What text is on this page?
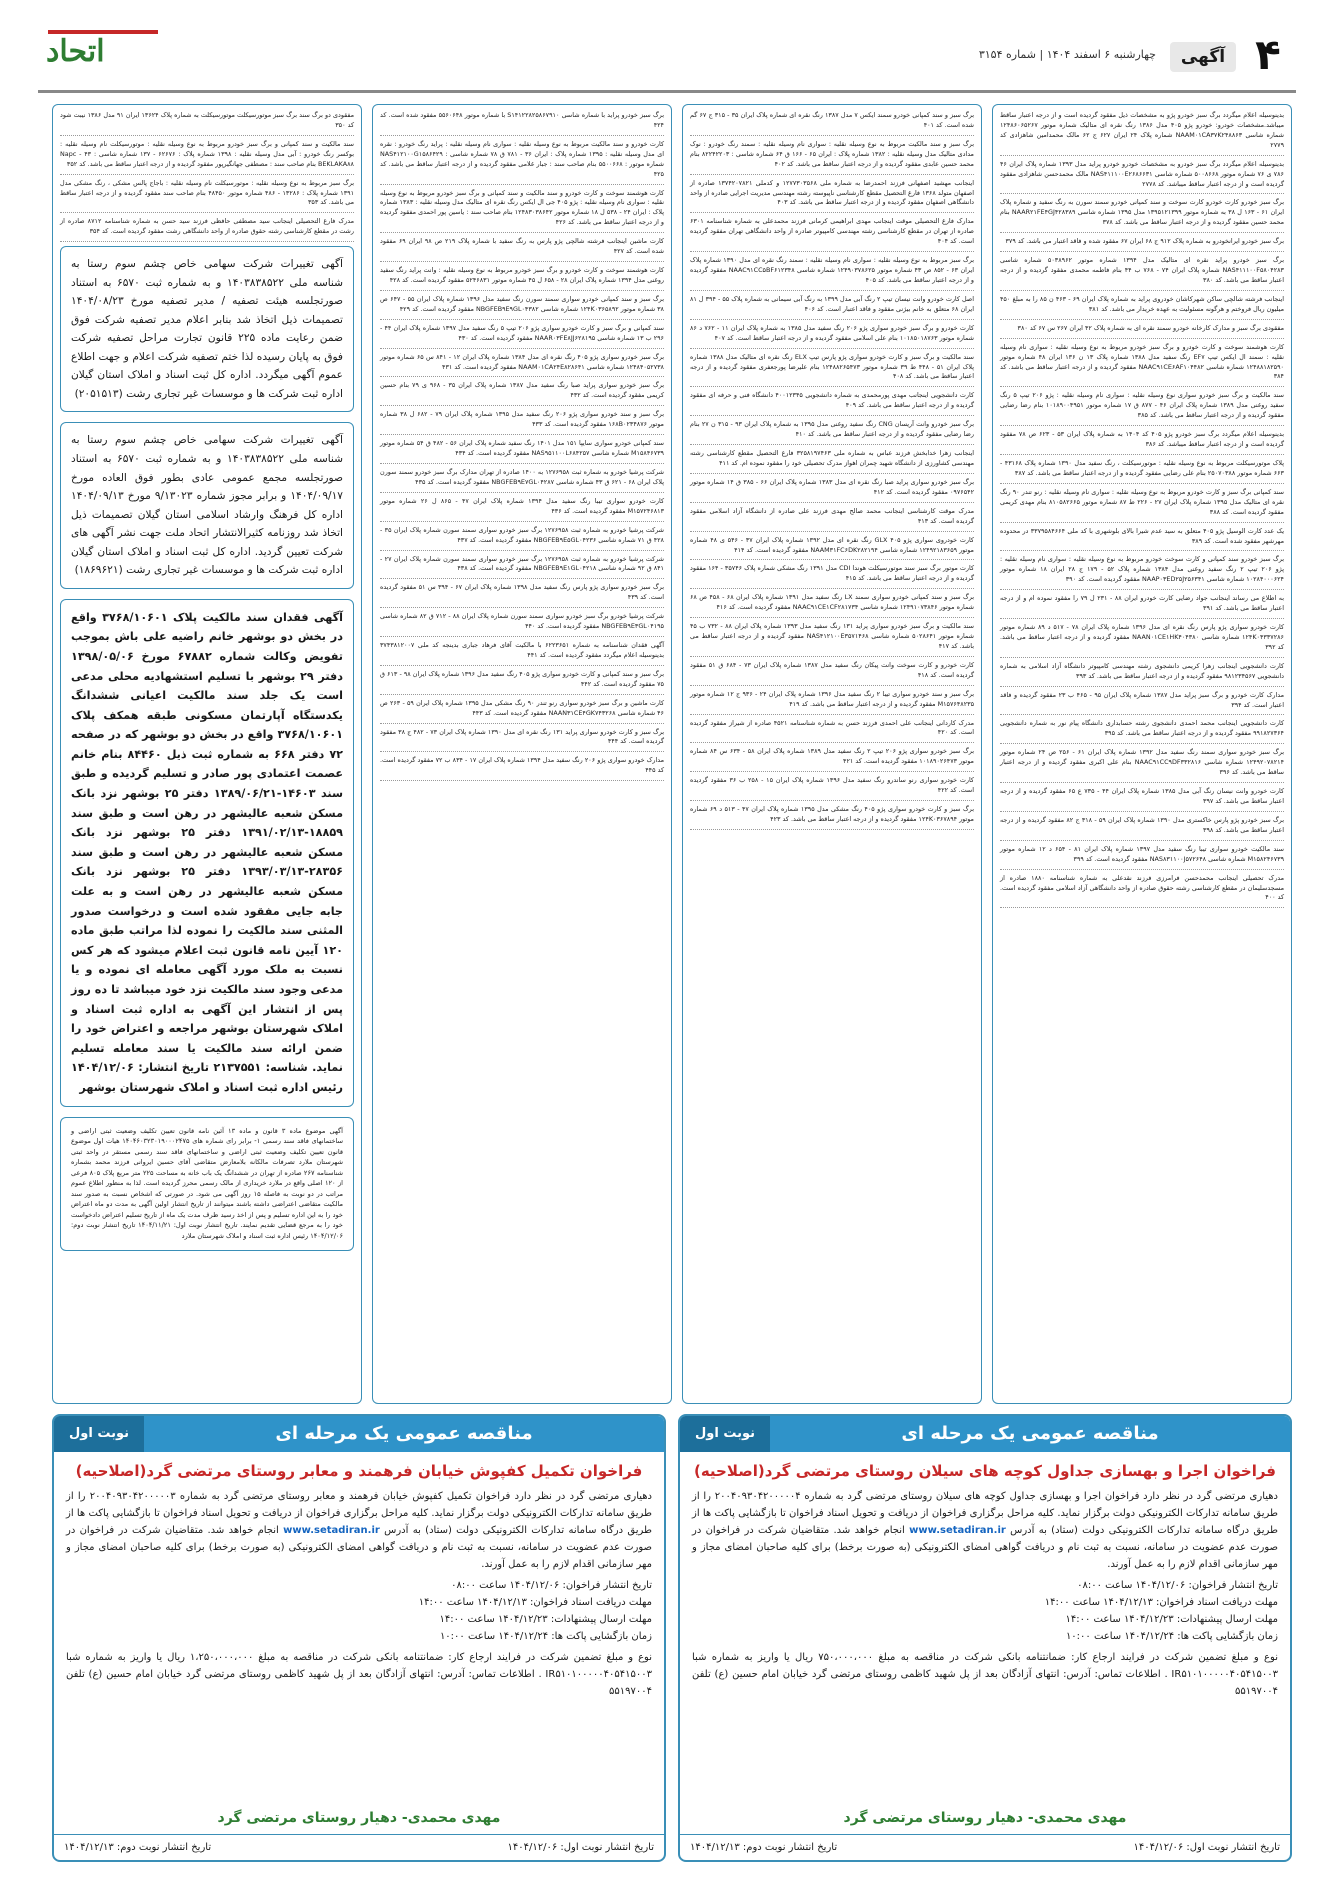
۴
آگهی
چهارشنبه ۶ اسفند ۱۴۰۴ | شماره ۳۱۵۴
اتحاد
بدینوسیله اعلام میگردد برگ سبز خودرو پژو به مشخصات ذیل مفقود گردیده است و از درجه اعتبار ساقط میباشد.مشخصات خودرو: خودرو پژو ۴۰۵ مدل ۱۳۸۶ رنگ نقره ای متالیک شماره موتور ۱۲۴۸۶۰۶۵۲۶۷ شماره شاسی NAAM۰۱CA۳۷K۲۴۸۸۶۳ شماره پلاک ۲۴ ایران ۶۲۷ ج ۶۲ مالک محمدامین شاهزادی کد ۲۷۷۹
بدینوسیله اعلام میگردد برگ سبز خودرو به مشخصات خودرو خودرو پراید مدل ۱۳۹۳ شماره پلاک ایران ۴۶ ۷۸۶ ی ۷۶ شماره موتور ۵۰۰۸۶۶۸ شماره شاسی NAS۴۱۱۱۰۰E۲۶۸۶۶۳۱ مالک محمدحسن شاهزادی مفقود گردیده است و از درجه اعتبار ساقط میباشد. کد ۲۷۷۸
برگ سبز خودرو کارت خودرو کارت سوخت و سند کمپانی خودرو سمند سورن به رنگ سفید و شماره پلاک ایران ۶۱ - ۱۶۳ ل ۳۸ به شماره موتور ۱۳۹۵۱۲۱۳۹۹ مدل ۱۳۹۵ شماره شاسی NAAR۲۱FE۴GJ۴۲۸۳۸۹ بنام محمد حسین مفقود گردیده و از درجه اعتبار ساقط می باشد. کد ۳۷۸
برگ سبز خودرو ایرانخودرو به شماره پلاک ۹۱۲ ج ۶۸ ایران ۶۷ مفقود شده و فاقد اعتبار می باشد. کد ۳۷۹
برگ سبز خودرو پراید نقره ای متالیک مدل ۱۳۹۴ شماره موتور ۵۰۳۸۹۶۲ شماره شاسی NAS۴۱۱۱۰۰F۵۸۰۴۲۸۳ شماره پلاک ایران ۷۴ - ۷۶۸ ب ۴۴ بنام فاطمه محمدی مفقود گردیده و از درجه اعتبار ساقط می باشد. کد ۳۸۰
اینجانب فرشته شالچی ساکن شهرکاشان خودروی پراید به شماره پلاک ایران ۶۹ - ۴۶۳ ن ۸۵ را به مبلغ ۴۵۰ میلیون ریال فروختم و هرگونه مسئولیت به عهده خریدار می باشد. کد ۳۸۱
مفقودی برگ سبز و مدارک کارخانه خودرو سمند نقره ای به شماره پلاک ۴۲ ایران ۲۶۷ س ۶۷ کد ۳۸۰
کارت هوشمند سوخت و کارت خودرو و برگ سبز خودرو مربوط به نوع وسیله نقلیه : سواری نام وسیله نقلیه : سمند ال ایکس تیپ EF۷ رنگ سفید مدل ۱۳۸۸ شماره پلاک ۱۳ ن ۱۳۶ ایران ۴۸ شماره موتور ۱۲۴۸۸۱۸۲۵۹۰ شماره شاسی NAAC۹۱CE۶AF۱۰۴۴۸۲ مفقود گردیده و از درجه اعتبار ساقط می باشد. کد ۳۸۴
سند مالکیت و برگ سبز خودرو سواری نوع وسیله نقلیه : سواری نام وسیله نقلیه : پژو ۲۰۶ تیپ ۵ رنگ سفید روغنی مدل ۱۳۸۹ شماره پلاک ایران ۴۶ - ۸۷۷ ق ۱۷ شماره موتور ۱۰۱۸۹۰۰۴۹۵۱ بنام رضا رضایی مفقود گردیده و از درجه اعتبار ساقط می باشد. کد ۳۸۵
بدینوسیله اعلام میگردد برگ سبز خودرو پژو ۴۰۵ کد ۱۴۰۴ به شماره پلاک ایران ۵۳ - ۶۲۳ ص ۷۸ مفقود گردیده است و از درجه اعتبار ساقط میباشد. کد ۳۸۶
پلاک موتورسیکلت مربوط به نوع وسیله نقلیه : موتورسیکلت ، رنگ سفید مدل ۱۳۹۰ شماره پلاک ۴۳۱۶۸ - ۶۶۳ شماره موتور ۲۵۰۷۰۳۸۸ بنام علی رضایی مفقود گردیده و از درجه اعتبار ساقط می باشد. کد ۳۸۷
سند کمپانی برگ سبز و کارت خودرو مربوط به نوع وسیله نقلیه : سواری نام وسیله نقلیه : رنو تندر ۹۰ رنگ نقره ای متالیک مدل ۱۳۹۵ شماره پلاک ایران ۲۷ - ۲۲۶ ط ۸۷ شماره موتور ۸۱۰۵۸۲۶۶۵ بنام مهدی کریمی مفقود گردیده است. کد ۳۸۸
یک عدد کارت الوسیل پژو ۴۰۵ متعلق به سید عدم شیرا بالای بلوشهری با کد ملی ۳۳۷۹۵۸۴۶۶۴ در محدوده مهرشهر مفقود شده است. کد ۳۸۹
برگ سبز خودرو سند کمپانی و کارت سوخت خودرو مربوط به نوع وسیله نقلیه : سواری نام وسیله نقلیه : پژو ۲۰۶ تیپ ۲ رنگ سفید روغنی مدل ۱۳۸۴ شماره پلاک ۵۲ - ۱۷۹ ج ۲۸ ایران ۱۸ شماره موتور ۱۰۲۸۴۰۰۰۶۲۴ شماره شاسی NAAP۰۳ED۲۵J۲۵۶۳۴۱ مفقود گردیده است. کد ۳۹۰
به اطلاع می رساند اینجانب جواد رضایی کارت خودرو ایران ۸۸ - ۲۳۱ ل ۷۹ را مفقود نموده ام و از درجه اعتبار ساقط می باشد. کد ۳۹۱
کارت خودرو سواری پژو پارس رنگ نقره ای مدل ۱۳۹۶ شماره پلاک ایران ۷۸ - ۵۱۷ د ۸۹ شماره موتور ۱۲۴K۰۴۳۳۷۲۸۶ شماره شاسی NAAN۰۱CE۱HK۴۰۴۳۸۰ مفقود گردیده و از درجه اعتبار ساقط می باشد. کد ۳۹۲
کارت دانشجویی اینجانب زهرا کریمی دانشجوی رشته مهندسی کامپیوتر دانشگاه آزاد اسلامی به شماره دانشجویی ۹۸۱۲۳۴۵۶۷ مفقود گردیده و از درجه اعتبار ساقط می باشد. کد ۳۹۳
مدارک کارت خودرو و برگ سبز پراید مدل ۱۳۸۷ شماره پلاک ایران ۹۵ - ۴۶۵ ب ۲۳ مفقود گردیده و فاقد اعتبار است. کد ۳۹۴
کارت دانشجویی اینجانب محمد احمدی دانشجوی رشته حسابداری دانشگاه پیام نور به شماره دانشجویی ۹۹۱۸۲۷۳۶۴ مفقود گردیده و از درجه اعتبار ساقط می باشد. کد ۳۹۵
برگ سبز خودرو سواری سمند رنگ سفید مدل ۱۳۹۲ شماره پلاک ایران ۶۱ - ۲۵۶ ص ۲۴ شماره موتور ۱۲۴۹۲۰۷۸۲۱۴ شماره شاسی NAAC۹۱CC۹DF۳۳۲۸۱۶ بنام علی اکبری مفقود گردیده و از درجه اعتبار ساقط می باشد. کد ۳۹۶
کارت خودرو وانت نیسان رنگ آبی مدل ۱۳۸۵ شماره پلاک ایران ۴۴ - ۷۳۵ ع ۶۵ مفقود گردیده و از درجه اعتبار ساقط می باشد. کد ۳۹۷
برگ سبز خودرو پژو پارس خاکستری مدل ۱۳۹۰ شماره پلاک ایران ۵۹ - ۳۱۸ ج ۸۲ مفقود گردیده و از درجه اعتبار ساقط می باشد. کد ۳۹۸
سند مالکیت خودرو سواری تیبا رنگ سفید مدل ۱۳۹۷ شماره پلاک ایران ۸۱ - ۶۵۴ د ۱۲ شماره موتور M۱۵۸۲۴۶۷۳۹ شماره شاسی NAS۸۳۱۱۰۰J۵۷۲۶۴۸ مفقود گردیده است. کد ۳۹۹
مدرک تحصیلی اینجانب محمدحسن فرامرزی فرزند نقدعلی به شماره شناسنامه ۱۸۸۰ صادره از مسجدسلیمان در مقطع کارشناسی رشته حقوق صادره از واحد دانشگاهی آزاد اسلامی مفقود گردیده است. کد ۴۰۰
برگ سبز و سند کمپانی خودرو سمند ایکس ۷ مدل ۱۳۸۷ رنگ نقره ای شماره پلاک ایران ۳۵ - ۳۱۵ ج ۶۷ گم شده است. کد ۴۰۱
برگ سبز و سند مالکیت مربوط به نوع وسیله نقلیه : سواری نام وسیله نقلیه : سمند رنگ خودرو : نوک مدادی متالیک مدل وسیله نقلیه : ۱۳۸۲ شماره پلاک : ایران ۶۵ - ۱۶۶ ق ۶۴ شماره شاسی : ۸۲۲۴۲۲۰۳ بنام محمد حسین عابدی مفقود گردیده و از درجه اعتبار ساقط می باشد. کد ۴۰۲
اینجانب مهشید اصفهانی فرزند احمدرضا به شماره ملی ۱۲۷۷۳۰۳۵۶۸ و کدملی ۱۳۷۴۲۰۷۸۲۱ صادره از اصفهان متولد ۱۳۶۸ فارغ التحصیل مقطع کارشناسی ناپیوسته رشته مهندسی مدیریت اجرایی صادره از واحد دانشگاهی اصفهان مفقود گردیده و از درجه اعتبار ساقط می باشد. کد ۴۰۳
مدارک فارغ التحصیلی موقت اینجانب مهدی ابراهیمی کرمانی فرزند محمدعلی به شماره شناسنامه ۶۳۰۱ صادره از تهران در مقطع کارشناسی رشته مهندسی کامپیوتر صادره از واحد دانشگاهی تهران مفقود گردیده است. کد ۴۰۴
برگ سبز مربوط به نوع وسیله نقلیه : سواری نام وسیله نقلیه : سمند رنگ نقره ای مدل ۱۳۹۰ شماره پلاک ایران ۶۳ - ۸۵۲ ص ۴۳ شماره موتور ۱۲۴۹۰۳۷۸۶۲۵ شماره شاسی NAAC۹۱CC۵BF۶۱۲۳۴۸ مفقود گردیده و از درجه اعتبار ساقط می باشد. کد ۴۰۵
اصل کارت خودرو وانت نیسان تیپ ۲ رنگ آبی مدل ۱۳۹۹ به رنگ آبی سیمانی به شماره پلاک ۵۵ - ۳۹۴ ل ۸۱ ایران ۶۸ متعلق به خانم بیژنی مفقود و فاقد اعتبار است. کد ۴۰۶
کارت خودرو و برگ سبز خودرو سواری پژو ۲۰۶ رنگ سفید مدل ۱۳۸۵ به شماره پلاک ایران ۱۱ - ۷۶۲ د ۸۶ شماره موتور ۱۰۱۸۵۰۱۸۷۶۳ بنام علی اسلامی مفقود گردیده و از درجه اعتبار ساقط است. کد ۴۰۷
سند مالکیت و برگ سبز و کارت خودرو سواری پژو پارس تیپ ELX رنگ نقره ای متالیک مدل ۱۳۸۸ شماره پلاک ایران ۵۱ - ۴۴۸ ط ۳۹ شماره موتور ۱۲۴۸۸۲۶۵۴۷۳ بنام علیرضا پورجعفری مفقود گردیده و از درجه اعتبار ساقط می باشد. کد ۴۰۸
کارت دانشجویی اینجانب مهدی پورمحمدی به شماره دانشجویی ۴۰۰۱۲۳۴۵ دانشگاه فنی و حرفه ای مفقود گردیده و از درجه اعتبار ساقط می باشد. کد ۴۰۹
برگ سبز خودرو وانت آریسان CNG رنگ سفید روغنی مدل ۱۳۹۵ به شماره پلاک ایران ۹۳ - ۳۱۵ ن ۲۷ بنام رضا رضایی مفقود گردیده و از درجه اعتبار ساقط می باشد. کد ۴۱۰
اینجانب زهرا خدابخش فرزند عباس به شماره ملی ۳۲۵۸۱۹۷۴۶۳ فارغ التحصیل مقطع کارشناسی رشته مهندسی کشاورزی از دانشگاه شهید چمران اهواز مدرک تحصیلی خود را مفقود نموده ام. کد ۴۱۱
برگ سبز خودرو سواری پراید صبا رنگ نقره ای مدل ۱۳۸۳ شماره پلاک ایران ۶۶ - ۳۸۵ ق ۱۴ شماره موتور ۰۹۷۶۵۴۲ مفقود گردیده است. کد ۴۱۲
مدرک موقت کارشناسی اینجانب محمد صالح مهدی فرزند علی صادره از دانشگاه آزاد اسلامی مفقود گردیده است. کد ۴۱۳
کارت خودروی سواری پژو ۴۰۵ GLX رنگ نقره ای مدل ۱۳۹۲ شماره پلاک ایران ۳۷ - ۵۴۶ ی ۴۸ شماره موتور ۱۲۴۹۲۱۸۳۶۵۹ شماره شاسی NAAM۳۱FC۶DK۲۸۲۱۹۴ مفقود گردیده است. کد ۴۱۴
کارت موتور برگ سبز سند موتورسیکلت هوندا CDI مدل ۱۳۹۱ رنگ مشکی شماره پلاک ۳۵۷۴۶ - ۱۶۴ مفقود گردیده و از درجه اعتبار ساقط می باشد. کد ۴۱۵
برگ سبز و سند کمپانی خودرو سواری سمند LX رنگ سفید مدل ۱۳۹۱ شماره پلاک ایران ۶۸ - ۴۵۸ ص ۶۸ شماره موتور ۱۲۴۹۱۰۷۳۸۴۶ شماره شاسی NAAC۹۱CE۱CF۲۸۱۷۳۴ مفقود گردیده است. کد ۴۱۶
سند مالکیت و برگ سبز خودرو سواری پراید ۱۳۱ رنگ سفید مدل ۱۳۹۳ شماره پلاک ایران ۸۸ - ۷۳۲ ب ۴۵ شماره موتور ۵۰۲۸۶۴۱ شماره شاسی NAS۴۱۲۱۰۰E۳۵۷۱۴۶۸ مفقود گردیده و از درجه اعتبار ساقط می باشد. کد ۴۱۷
کارت خودرو و کارت سوخت وانت پیکان رنگ سفید مدل ۱۳۸۷ شماره پلاک ایران ۷۳ - ۶۸۴ ق ۵۱ مفقود گردیده است. کد ۴۱۸
برگ سبز و سند خودرو سواری تیبا ۲ رنگ سفید مدل ۱۳۹۶ شماره پلاک ایران ۲۴ - ۹۳۶ ج ۱۲ شماره موتور M۱۵۷۶۴۸۲۳۵ مفقود گردیده و از درجه اعتبار ساقط می باشد. کد ۴۱۹
مدرک کاردانی اینجانب علی احمدی فرزند حسن به شماره شناسنامه ۴۵۲۱ صادره از شیراز مفقود گردیده است. کد ۴۲۰
برگ سبز خودرو سواری پژو ۲۰۶ تیپ ۲ رنگ سفید مدل ۱۳۸۹ شماره پلاک ایران ۵۸ - ۶۳۴ س ۸۴ شماره موتور ۱۰۱۸۹۰۲۶۴۷۳ مفقود گردیده است. کد ۴۲۱
کارت خودرو سواری رنو ساندرو رنگ سفید مدل ۱۳۹۶ شماره پلاک ایران ۱۵ - ۲۵۸ ب ۳۶ مفقود گردیده است. کد ۴۲۲
برگ سبز و کارت خودرو سواری پژو ۴۰۵ رنگ مشکی مدل ۱۳۹۵ شماره پلاک ایران ۴۷ - ۵۱۳ د ۶۹ شماره موتور ۱۲۴K۰۳۶۷۸۹۴ مفقود گردیده و از درجه اعتبار ساقط می باشد. کد ۴۲۳
برگ سبز خودرو پراید با شماره شاسی S۱۴۱۲۲۸۲۵۸۶۷۹۱۰ با شماره موتور ۵۵۶۰۶۴۸ مفقود شده است. کد ۴۲۴
کارت خودرو و سند مالکیت مربوط به نوع وسیله نقلیه : سواری نام وسیله نقلیه : پراید رنگ خودرو : نقره ای مدل وسیله نقلیه : ۱۳۹۵ شماره پلاک : ایران ۳۶ - ۷۸۱ ق ۷۸ شماره شاسی : NAS۴۱۲۱۰۰G۱۵۸۶۴۲۹ شماره موتور : ۵۵۰۰۶۶۸ بنام صاحب سند : جبار غلامی مفقود گردیده و از درجه اعتبار ساقط می باشد. کد ۴۲۵
کارت هوشمند سوخت و کارت خودرو و سند مالکیت و سند کمپانی و برگ سبز خودرو مربوط به نوع وسیله نقلیه : سواری نام وسیله نقلیه : پژو ۴۰۵ جی ال ایکس رنگ نقره ای متالیک مدل وسیله نقلیه : ۱۳۸۳ شماره پلاک : ایران ۲۴ - ۵۳۸ ل ۱۸ شماره موتور ۱۲۴۸۳۰۳۸۶۴۲ بنام صاحب سند : یاسین پور احمدی مفقود گردیده و از درجه اعتبار ساقط می باشد. کد ۴۲۶
کارت ماشین اینجانب فرشته شالچی پژو پارس به رنگ سفید با شماره پلاک ۲۱۹ ص ۹۸ ایران ۶۹ مفقود شده است. کد ۴۲۷
کارت هوشمند سوخت و کارت خودرو و برگ سبز خودرو مربوط به نوع وسیله نقلیه : وانت پراید رنگ سفید روغنی مدل ۱۳۹۴ شماره پلاک ایران ۲۸ - ۶۵۸ ل ۴۵ شماره موتور ۵۲۴۶۸۳۱ مفقود گردیده است. کد ۴۲۸
برگ سبز و سند کمپانی خودرو سواری سمند سورن رنگ سفید مدل ۱۳۹۶ شماره پلاک ایران ۵۵ - ۶۴۷ ص ۳۸ شماره موتور ۱۲۴K۰۳۶۵۸۹۲ شماره شاسی NBGFEB۹E۹GL۰۴۳۸۲ مفقود گردیده است. کد ۴۲۹
سند کمپانی و برگ سبز و کارت خودرو سواری پژو ۲۰۶ تیپ ۵ رنگ سفید مدل ۱۳۹۷ شماره پلاک ایران ۴۴ - ۲۹۶ ب ۱۳ شماره شاسی NAAR۰۳FE۸JJ۶۲۸۱۹۵ مفقود گردیده است. کد ۴۳۰
برگ سبز خودرو سواری پژو ۴۰۵ رنگ نقره ای مدل ۱۳۸۴ شماره پلاک ایران ۱۲ - ۸۴۱ س ۶۵ شماره موتور ۱۲۴۸۴۰۵۲۷۳۸ شماره شاسی NAAM۰۱CA۲۴E۸۲۸۶۴۱ مفقود گردیده است. کد ۴۳۱
برگ سبز خودرو سواری پراید صبا رنگ سفید مدل ۱۳۸۷ شماره پلاک ایران ۳۵ - ۹۶۸ ی ۷۹ بنام حسین کریمی مفقود گردیده است. کد ۴۳۲
برگ سبز و سند خودرو سواری پژو ۲۰۶ رنگ سفید مدل ۱۳۹۵ شماره پلاک ایران ۷۹ - ۶۸۲ ل ۳۸ شماره موتور ۱۶۸B۰۲۳۴۸۷۶ مفقود گردیده است. کد ۴۳۳
سند کمپانی خودرو سواری سایپا ۱۵۱ مدل ۱۴۰۱ رنگ سفید شماره پلاک ایران ۵۶ - ۴۸۲ ق ۵۴ شماره موتور M۱۵۸۴۶۷۳۹ شماره شاسی NAS۹۵۱۱۰۰L۶۸۴۲۵۷ مفقود گردیده است. کد ۴۳۴
شرکت پرشیا خودرو به شماره ثبت ۱۲۷۶۹۵۸ به ۱۴۰۰ صادره از تهران مدارک برگ سبز خودرو سمند سورن پلاک ایران ۶۸ - ۶۲۱ ق ۴۳ شماره شاسی NBGFEB۹E۷GL۰۴۲۸۷ مفقود گردیده است. کد ۴۳۵
کارت خودرو سواری تیبا رنگ سفید مدل ۱۳۹۴ شماره پلاک ایران ۴۷ - ۸۶۵ ل ۲۶ شماره موتور M۱۵۷۲۴۶۸۱۳ مفقود گردیده است. کد ۴۳۶
شرکت پرشیا خودرو به شماره ثبت ۱۲۷۶۹۵۸ برگ سبز خودرو سواری سمند سورن شماره پلاک ایران ۳۵ - ۴۲۸ ق ۷۱ شماره شاسی NBGFEB۹E۵GL۰۴۲۳۶ مفقود گردیده است. کد ۴۳۷
شرکت پرشیا خودرو به شماره ثبت ۱۲۷۶۹۵۸ برگ سبز خودرو سواری سمند سورن شماره پلاک ایران ۲۷ - ۸۴۱ ق ۹۲ شماره شاسی NBGFEB۹E۱GL۰۴۲۱۸ مفقود گردیده است. کد ۴۳۸
برگ سبز خودرو سواری پژو پارس رنگ سفید مدل ۱۳۹۸ شماره پلاک ایران ۶۷ - ۳۹۴ س ۵۱ مفقود گردیده است. کد ۴۳۹
شرکت پرشیا خودرو برگ سبز خودرو سواری سمند سورن شماره پلاک ایران ۸۸ - ۷۱۲ ق ۸۲ شماره شاسی NBGFEB۹E۳GL۰۴۱۹۵ مفقود گردیده است. کد ۴۴۰
آگهی فقدان شناسنامه به شماره ۶۲۲۳۶۵۱ با مالکیت آقای فرهاد جباری بدینجه کد ملی ۳۷۴۳۸۱۲۰۰۷ بدینوسیله اعلام میگردد مفقود گردیده است. کد ۴۴۱
برگ سبز و سند کمپانی و کارت خودرو سواری پژو ۴۰۵ رنگ سفید مدل ۱۳۹۶ شماره پلاک ایران ۹۸ - ۶۱۳ ق ۷۵ مفقود گردیده است. کد ۴۴۲
کارت ماشین و برگ سبز خودرو سواری رنو تندر ۹۰ رنگ مشکی مدل ۱۳۹۵ شماره پلاک ایران ۵۹ - ۲۶۳ ص ۴۶ شماره شاسی NAAN۳۱CE۴GK۷۴۳۲۶۸ مفقود گردیده است. کد ۴۴۳
برگ سبز و کارت خودرو سواری پراید ۱۳۱ رنگ نقره ای مدل ۱۳۹۰ شماره پلاک ایران ۷۳ - ۴۸۲ ج ۳۸ مفقود گردیده است. کد ۴۴۴
مدارک خودرو سواری پژو ۲۰۶ رنگ سفید مدل ۱۳۹۴ شماره پلاک ایران ۱۷ - ۸۳۴ ب ۷۲ مفقود گردیده است. کد ۴۴۵
مفقودی دو برگ سند برگ سبز موتورسیکلت موتورسیکلت به شماره پلاک ۱۳۶۲۴ ایران ۹۱ مدل ۱۳۸۶ نیبت شود کد ۳۵۰
سند مالکیت و سند کمپانی و برگ سبز خودرو مربوط به نوع وسیله نقلیه : موتورسیکلت نام وسیله نقلیه : بوکسر رنگ خودرو : آبی مدل وسیله نقلیه : ۱۳۹۸ شماره پلاک : ۶۲۶۷۶ - ۱۳۷ شماره شاسی : ۴۳ - Napc BEKLAKA۸۸ بنام صاحب سند : مصطفی جهانگیرپور مفقود گردیده و از درجه اعتبار ساقط می باشد. کد ۳۵۲
برگ سبز مربوط به نوع وسیله نقلیه : موتورسیکلت نام وسیله نقلیه : باجاج پالس مشکی ، رنگ مشکی مدل ۱۳۹۱ شماره پلاک : ۱۳۲۸۶ - ۴۸۶ شماره موتور ۴۸۴۵۰ بنام صاحب سند مفقود گردیده و از درجه اعتبار ساقط می باشد. کد ۳۵۳
مدرک فارغ التحصیلی اینجانب سید مصطفی حافظی فرزند سید حسن به شماره شناسنامه ۸۷۱۲ صادره از رشت در مقطع کارشناسی رشته حقوق صادره از واحد دانشگاهی رشت مفقود گردیده است. کد ۳۵۴
آگهی تغییرات شرکت سهامی خاص چشم سوم رستا به شناسه ملی ۱۴۰۳۸۳۸۵۲۲ و به شماره ثبت ۶۵۷۰ به استناد صورتجلسه هیئت تصفیه / مدیر تصفیه مورخ ۱۴۰۴/۰۸/۲۳ تصمیمات ذیل اتخاذ شد بنابر اعلام مدیر تصفیه شرکت فوق ضمن رعایت ماده ۲۲۵ قانون تجارت مراحل تصفیه شرکت فوق به پایان رسیده لذا ختم تصفیه شرکت اعلام و جهت اطلاع عموم آگهی میگردد. اداره کل ثبت اسناد و املاک استان گیلان اداره ثبت شرکت ها و موسسات غیر تجاری رشت (۲۰۵۱۵۱۳)
آگهی تغییرات شرکت سهامی خاص چشم سوم رستا به شناسه ملی ۱۴۰۳۸۳۸۵۲۲ و به شماره ثبت ۶۵۷۰ به استناد صورتجلسه مجمع عمومی عادی بطور فوق العاده مورخ ۱۴۰۴/۰۹/۱۷ و برابر مجوز شماره ۹/۱۳۰۲۳ مورخ ۱۴۰۴/۰۹/۱۳ اداره کل فرهنگ وارشاد اسلامی استان گیلان تصمیمات ذیل اتخاذ شد روزنامه کثیرالانتشار اتحاد ملت جهت نشر آگهی های شرکت تعیین گردید. اداره کل ثبت اسناد و املاک استان گیلان اداره ثبت شرکت ها و موسسات غیر تجاری رشت (۱۸۶۹۶۲۱)
آگهی فقدان سند مالکیت پلاک ۳۷۶۸/۱۰۶۰۱ واقع در بخش دو بوشهر خانم راضیه علی باش بموجب تفویض وکالت شماره ۶۷۸۸۲ مورخ ۱۳۹۸/۰۵/۰۶ دفتر ۲۹ بوشهر با تسلیم استشهادیه محلی مدعی است یک جلد سند مالکیت اعیانی ششدانگ یکدستگاه آپارتمان مسکونی طبقه همکف پلاک ۳۷۶۸/۱۰۶۰۱ واقع در بخش دو بوشهر که در صفحه ۷۲ دفتر ۶۶۸ به شماره ثبت ذیل ۸۴۴۶۰ بنام خانم عصمت اعتمادی پور صادر و تسلیم گردیده و طبق سند ۱۴۶۰۳-۱۳۸۹/۰۶/۲۱ دفتر ۲۵ بوشهر نزد بانک مسکن شعبه عالیشهر در رهن است و طبق سند ۱۸۸۵۹-۱۳۹۱/۰۲/۱۳ دفتر ۲۵ بوشهر نزد بانک مسکن شعبه عالیشهر در رهن است و طبق سند ۲۸۳۵۶-۱۳۹۳/۰۳/۱۳ دفتر ۲۵ بوشهر نزد بانک مسکن شعبه عالیشهر در رهن است و به علت جابه جایی مفقود شده است و درخواست صدور المثنی سند مالکیت را نموده لذا مراتب طبق ماده ۱۲۰ آیین نامه قانون ثبت اعلام میشود که هر کس نسبت به ملک مورد آگهی معامله ای نموده و یا مدعی وجود سند مالکیت نزد خود میباشد تا ده روز پس از انتشار این آگهی به اداره ثبت اسناد و املاک شهرستان بوشهر مراجعه و اعتراض خود را ضمن ارائه سند مالکیت یا سند معامله تسلیم نماید. شناسه: ۲۱۳۷۵۵۱ تاریخ انتشار: ۱۴۰۴/۱۲/۰۶ رئیس اداره ثبت اسناد و املاک شهرستان بوشهر
آگهی موضوع ماده ۳ قانون و ماده ۱۳ آئین نامه قانون تعیین تکلیف وضعیت ثبتی اراضی و ساختمانهای فاقد سند رسمی ۱- برابر رای شماره های ۱۴۰۴۶۰۳۲۳۰۱۹۰۰۰۲۴۷۵ هیات اول موضوع قانون تعیین تکلیف وضعیت ثبتی اراضی و ساختمانهای فاقد سند رسمی مستقر در واحد ثبتی شهرستان ملارد تصرفات مالکانه بلامعارض متقاضی آقای حسین ایروانی فرزند محمد بشماره شناسنامه ۲۶۷ صادره از تهران در ششدانگ یک باب خانه به مساحت ۲۲۵ متر مربع پلاک ۸۰۵ فرعی از ۱۲۰ اصلی واقع در ملارد خریداری از مالک رسمی محرز گردیده است. لذا به منظور اطلاع عموم مراتب در دو نوبت به فاصله ۱۵ روز آگهی می شود. در صورتی که اشخاص نسبت به صدور سند مالکیت متقاضی اعتراضی داشته باشند میتوانند از تاریخ انتشار اولین آگهی به مدت دو ماه اعتراض خود را به این اداره تسلیم و پس از اخذ رسید ظرف مدت یک ماه از تاریخ تسلیم اعتراض دادخواست خود را به مرجع قضایی تقدیم نمایند. تاریخ انتشار نوبت اول: ۱۴۰۴/۱۱/۲۱ تاریخ انتشار نوبت دوم: ۱۴۰۴/۱۲/۰۶ رئیس اداره ثبت اسناد و املاک شهرستان ملارد
مناقصه عمومی یک مرحله ای
نوبت اول
فراخوان اجرا و بهسازی جداول کوچه های سیلان روستای مرتضی گرد(اصلاحیه)
دهیاری مرتضی گرد در نظر دارد فراخوان اجرا و بهسازی جداول کوچه های سیلان روستای مرتضی گرد به شماره ۲۰۰۴۰۹۳۰۴۲۰۰۰۰۰۴ را از طریق سامانه تدارکات الکترونیکی دولت برگزار نماید. کلیه مراحل برگزاری فراخوان از دریافت و تحویل اسناد فراخوان تا بازگشایی پاکت ها از طریق درگاه سامانه تدارکات الکترونیکی دولت (ستاد) به آدرس www.setadiran.ir انجام خواهد شد. متقاضیان شرکت در فراخوان در صورت عدم عضویت در سامانه، نسبت به ثبت نام و دریافت گواهی امضای الکترونیکی (به صورت برخط) برای کلیه صاحبان امضای مجاز و مهر سازمانی اقدام لازم را به عمل آورند.
تاریخ انتشار فراخوان: ۱۴۰۴/۱۲/۰۶ ساعت ۰۸:۰۰
مهلت دریافت اسناد فراخوان: ۱۴۰۴/۱۲/۱۳ ساعت ۱۴:۰۰
مهلت ارسال پیشنهادات: ۱۴۰۴/۱۲/۲۳ ساعت ۱۴:۰۰
زمان بازگشایی پاکت ها: ۱۴۰۴/۱۲/۲۴ ساعت ۱۰:۰۰
نوع و مبلغ تضمین شرکت در فرایند ارجاع کار: ضمانتنامه بانکی شرکت در مناقصه به مبلغ ۷۵۰،۰۰۰،۰۰۰ ریال یا واریز به شماره شبا IR۵۱۰۱۰۰۰۰۰۴۰۵۴۱۵۰۰۳ . اطلاعات تماس: آدرس: انتهای آزادگان بعد از پل شهید کاظمی روستای مرتضی گرد خیابان امام حسین (ع) تلفن ۵۵۱۹۷۰۰۴
مهدی محمدی- دهیار روستای مرتضی گرد
تاریخ انتشار نوبت اول: ۱۴۰۴/۱۲/۰۶
تاریخ انتشار نوبت دوم: ۱۴۰۴/۱۲/۱۳
مناقصه عمومی یک مرحله ای
نوبت اول
فراخوان تکمیل کفپوش خیابان فرهمند و معابر روستای مرتضی گرد(اصلاحیه)
دهیاری مرتضی گرد در نظر دارد فراخوان تکمیل کفپوش خیابان فرهمند و معابر روستای مرتضی گرد به شماره ۲۰۰۴۰۹۳۰۴۲۰۰۰۰۰۳ را از طریق سامانه تدارکات الکترونیکی دولت برگزار نماید. کلیه مراحل برگزاری فراخوان از دریافت و تحویل اسناد فراخوان تا بازگشایی پاکت ها از طریق درگاه سامانه تدارکات الکترونیکی دولت (ستاد) به آدرس www.setadiran.ir انجام خواهد شد. متقاضیان شرکت در فراخوان در صورت عدم عضویت در سامانه، نسبت به ثبت نام و دریافت گواهی امضای الکترونیکی (به صورت برخط) برای کلیه صاحبان امضای مجاز و مهر سازمانی اقدام لازم را به عمل آورند.
تاریخ انتشار فراخوان: ۱۴۰۴/۱۲/۰۶ ساعت ۰۸:۰۰
مهلت دریافت اسناد فراخوان: ۱۴۰۴/۱۲/۱۳ ساعت ۱۴:۰۰
مهلت ارسال پیشنهادات: ۱۴۰۴/۱۲/۲۳ ساعت ۱۴:۰۰
زمان بازگشایی پاکت ها: ۱۴۰۴/۱۲/۲۴ ساعت ۱۰:۰۰
نوع و مبلغ تضمین شرکت در فرایند ارجاع کار: ضمانتنامه بانکی شرکت در مناقصه به مبلغ ۱،۲۵۰،۰۰۰،۰۰۰ ریال یا واریز به شماره شبا IR۵۱۰۱۰۰۰۰۰۴۰۵۴۱۵۰۰۳ . اطلاعات تماس: آدرس: انتهای آزادگان بعد از پل شهید کاظمی روستای مرتضی گرد خیابان امام حسین (ع) تلفن ۵۵۱۹۷۰۰۴
مهدی محمدی- دهیار روستای مرتضی گرد
تاریخ انتشار نوبت اول: ۱۴۰۴/۱۲/۰۶
تاریخ انتشار نوبت دوم: ۱۴۰۴/۱۲/۱۳
